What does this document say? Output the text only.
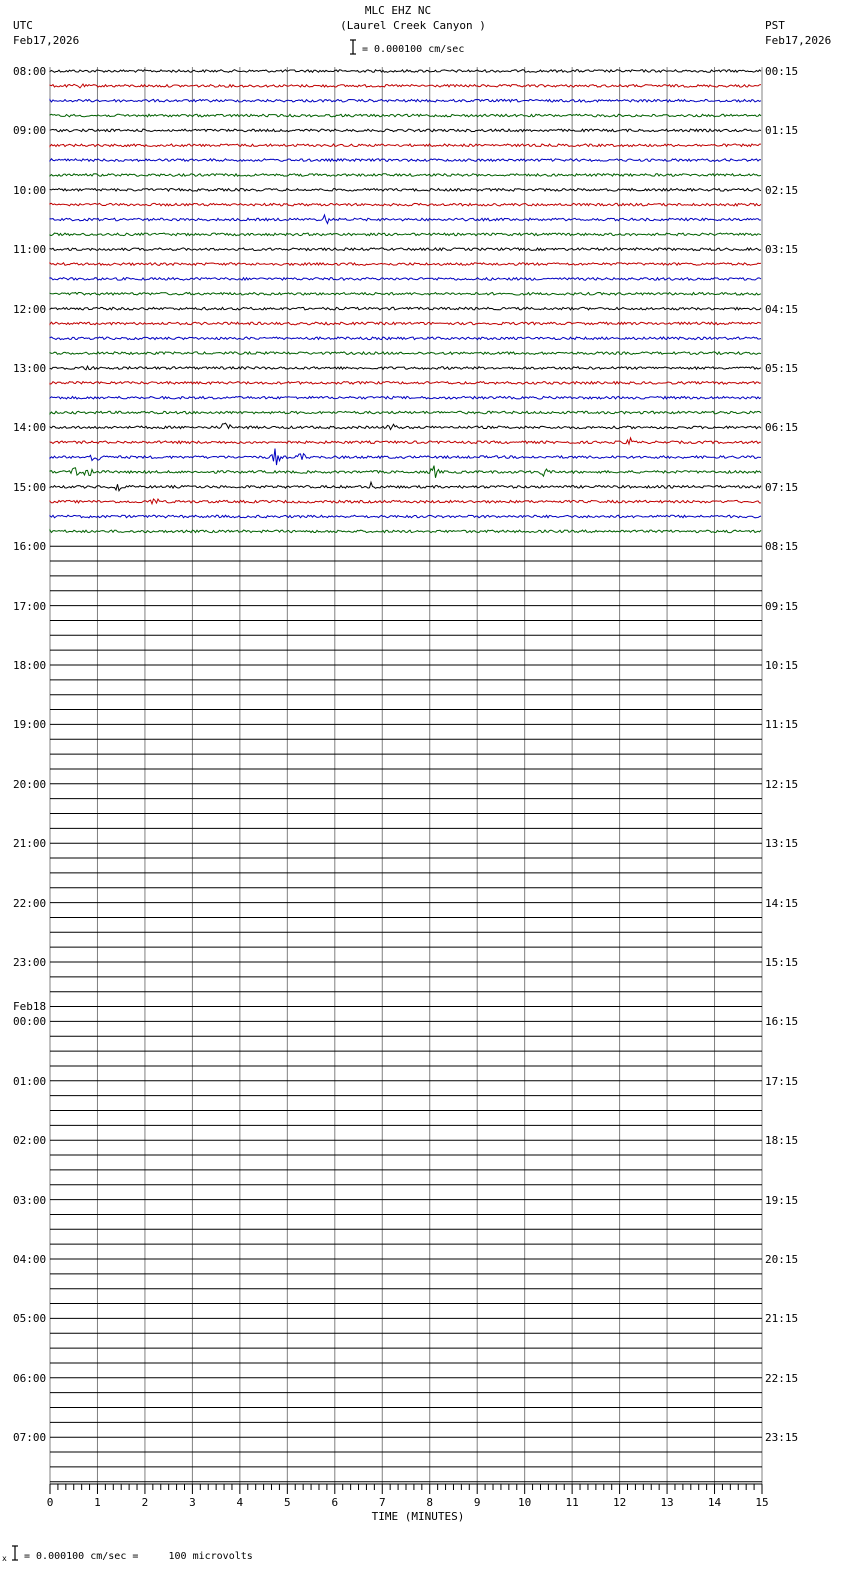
MLC EHZ NC
(Laurel Creek Canyon )
UTC
Feb17,2026
PST
Feb17,2026
= 0.000100 cm/sec
08:00
09:00
10:00
11:00
12:00
13:00
14:00
15:00
16:00
17:00
18:00
19:00
20:00
21:00
22:00
23:00
00:00
Feb18
01:00
02:00
03:00
04:00
05:00
06:00
07:00
00:15
01:15
02:15
03:15
04:15
05:15
06:15
07:15
08:15
09:15
10:15
11:15
12:15
13:15
14:15
15:15
16:15
17:15
18:15
19:15
20:15
21:15
22:15
23:15
0	1	2	3	4	5	6	7	8	9	10	11	12	13	14	15
TIME (MINUTES)
x = 0.000100 cm/sec =     100 microvolts
